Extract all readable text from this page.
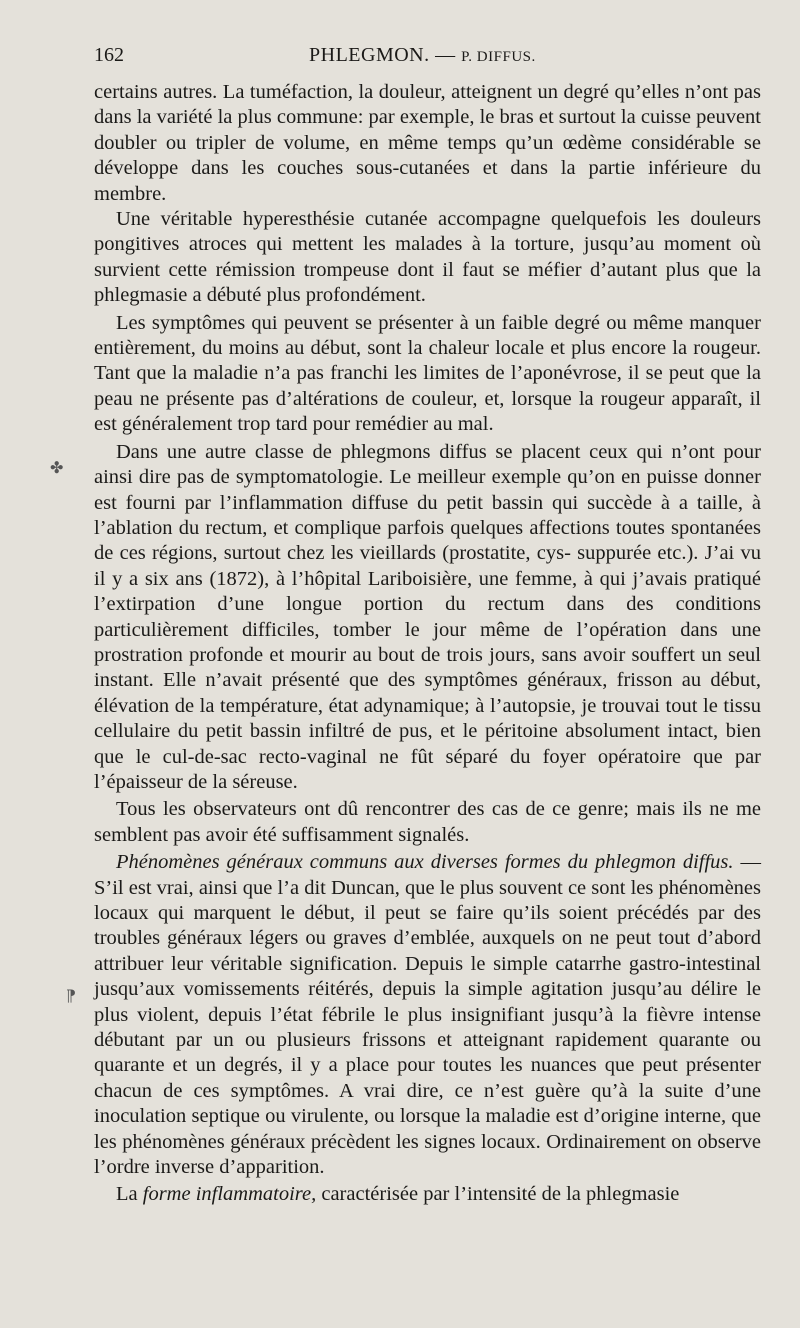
162	PHLEGMON. — P. DIFFUS.

certains autres. La tuméfaction, la douleur, atteignent un degré qu’elles n’ont pas dans la variété la plus commune: par exemple, le bras et surtout la cuisse peuvent doubler ou tripler de volume, en même temps qu’un œdème considérable se développe dans les couches sous-cutanées et dans la partie inférieure du membre.

Une véritable hyperesthésie cutanée accompagne quelquefois les douleurs pongitives atroces qui mettent les malades à la torture, jusqu’au moment où survient cette rémission trompeuse dont il faut se méfier d’autant plus que la phlegmasie a débuté plus profondément.

Les symptômes qui peuvent se présenter à un faible degré ou même manquer entièrement, du moins au début, sont la chaleur locale et plus encore la rougeur. Tant que la maladie n’a pas franchi les limites de l’aponévrose, il se peut que la peau ne présente pas d’altérations de couleur, et, lorsque la rougeur apparaît, il est généralement trop tard pour remédier au mal.

Dans une autre classe de phlegmons diffus se placent ceux qui n’ont pour ainsi dire pas de symptomatologie. Le meilleur exemple qu’on en puisse donner est fourni par l’inflammation diffuse du petit bassin qui succède à a taille, à l’ablation du rectum, et complique parfois quelques affections toutes spontanées de ces régions, surtout chez les vieillards (prostatite, cys- suppurée etc.). J’ai vu il y a six ans (1872), à l’hôpital Lariboisière, une femme, à qui j’avais pratiqué l’extirpation d’une longue portion du rectum dans des conditions particulièrement difficiles, tomber le jour même de l’opération dans une prostration profonde et mourir au bout de trois jours, sans avoir souffert un seul instant. Elle n’avait présenté que des symptômes généraux, frisson au début, élévation de la température, état adynamique; à l’autopsie, je trouvai tout le tissu cellulaire du petit bassin infiltré de pus, et le péritoine absolument intact, bien que le cul-de-sac recto-vaginal ne fût séparé du foyer opératoire que par l’épaisseur de la séreuse.

Tous les observateurs ont dû rencontrer des cas de ce genre; mais ils ne me semblent pas avoir été suffisamment signalés.

Phénomènes généraux communs aux diverses formes du phlegmon diffus. — S’il est vrai, ainsi que l’a dit Duncan, que le plus souvent ce sont les phénomènes locaux qui marquent le début, il peut se faire qu’ils soient précédés par des troubles généraux légers ou graves d’emblée, auxquels on ne peut tout d’abord attribuer leur véritable signification. Depuis le simple catarrhe gastro-intestinal jusqu’aux vomissements réitérés, depuis la simple agitation jusqu’au délire le plus violent, depuis l’état fébrile le plus insignifiant jusqu’à la fièvre intense débutant par un ou plusieurs frissons et atteignant rapidement quarante ou quarante et un degrés, il y a place pour toutes les nuances que peut présenter chacun de ces symptômes. A vrai dire, ce n’est guère qu’à la suite d’une inoculation septique ou virulente, ou lorsque la maladie est d’origine interne, que les phénomènes généraux précèdent les signes locaux. Ordinairement on observe l’ordre inverse d’apparition.

La forme inflammatoire, caractérisée par l’intensité de la phlegmasie

✤
⁋
